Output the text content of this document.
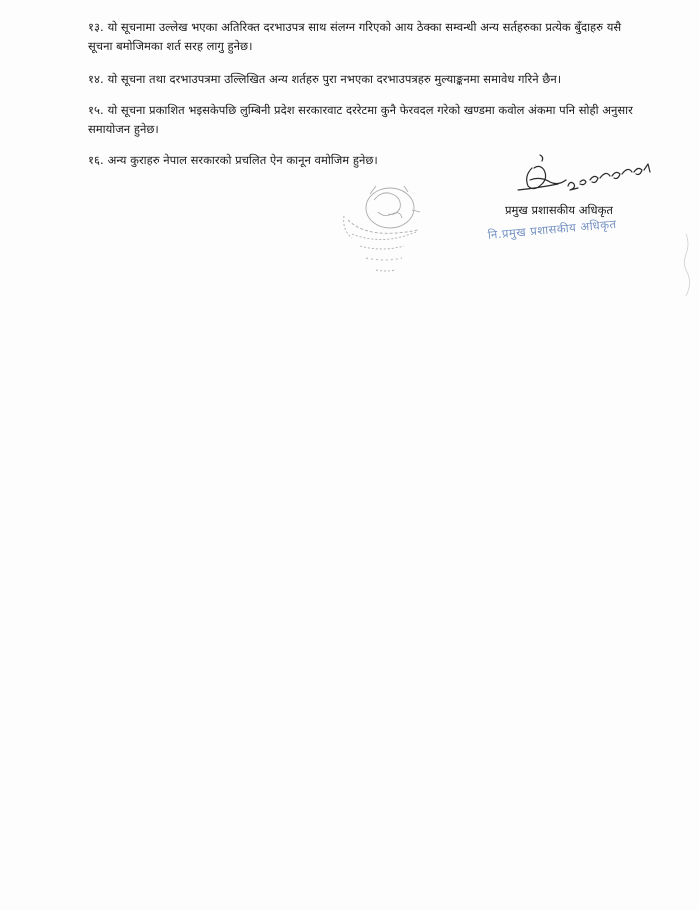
१३. यो सूचनामा उल्लेख भएका अतिरिक्त दरभाउपत्र साथ संलग्न गरिएको आय ठेक्का सम्वन्धी अन्य सर्तहरुका प्रत्येक बुँदाहरु यसै सूचना बमोजिमका शर्त सरह लागु हुनेछ।

१४. यो सूचना तथा दरभाउपत्रमा उल्लिखित अन्य शर्तहरु पुरा नभएका दरभाउपत्रहरु मुल्याङ्कनमा समावेध गरिने छैन।

१५. यो सूचना प्रकाशित भइसकेपछि लुम्बिनी प्रदेश सरकारवाट दररेटमा कुनै फेरवदल गरेको खण्डमा कवोल अंकमा पनि सोही अनुसार समायोजन हुनेछ।

१६. अन्य कुराहरु नेपाल सरकारको प्रचलित ऐन कानून वमोजिम हुनेछ।

प्रमुख प्रशासकीय अधिकृत
नि.प्रमुख प्रशासकीय अधिकृत
